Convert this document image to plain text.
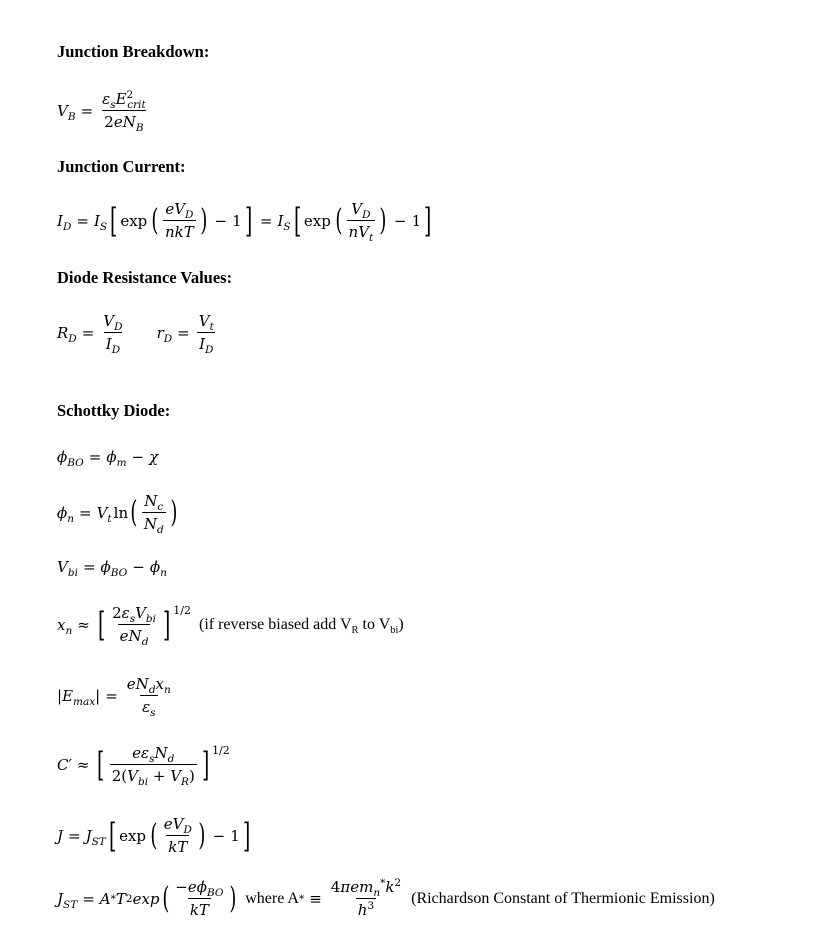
Junction Breakdown:
$V_B$ =
$\varepsilon_sE^2_{crit}$
$2eN_B$
Junction Current:
$I_D = I_S$ [ exp ( $eV_D$
nkT ) − 1 ] = $I_S$ [ exp ( $V_D$
$nV_t$
) − 1 ]
Diode Resistance Values:
$R_D = \frac{V_D}{I_D} r_D = \frac{V_t}{I_D}$
Schottky Diode:
$\phi_{BO} = \phi_m - \chi$
$\phi_n = V_t$ ln ( $N_c$
$N_d$
)
$V_{bi} = \phi_{BO} - \phi_n$
$x_n$ ≈ [ $2\varepsilon_sV_{bi}$
$eN_d$ ] 1/2
(if reverse biased add $V_R$ to $V_{bi}$)
| $E_{max}$ | =
$eN_dx_n$
$\varepsilon_s$
C′ ≈ [ $e\varepsilon_sN_d$
$2(V_{bi} + V_R)$ ] 1/2
$J = J_{ST}$ [ exp ( $eV_D$
kT ) − 1 ]
$J_{ST} = A * T$ 2 exp ( $-e\phi_{BO}$
kT ) where A * ≡
$4\pi em_n^*k^2$
$h^3$ (Richardson Constant of Thermionic Emission)
